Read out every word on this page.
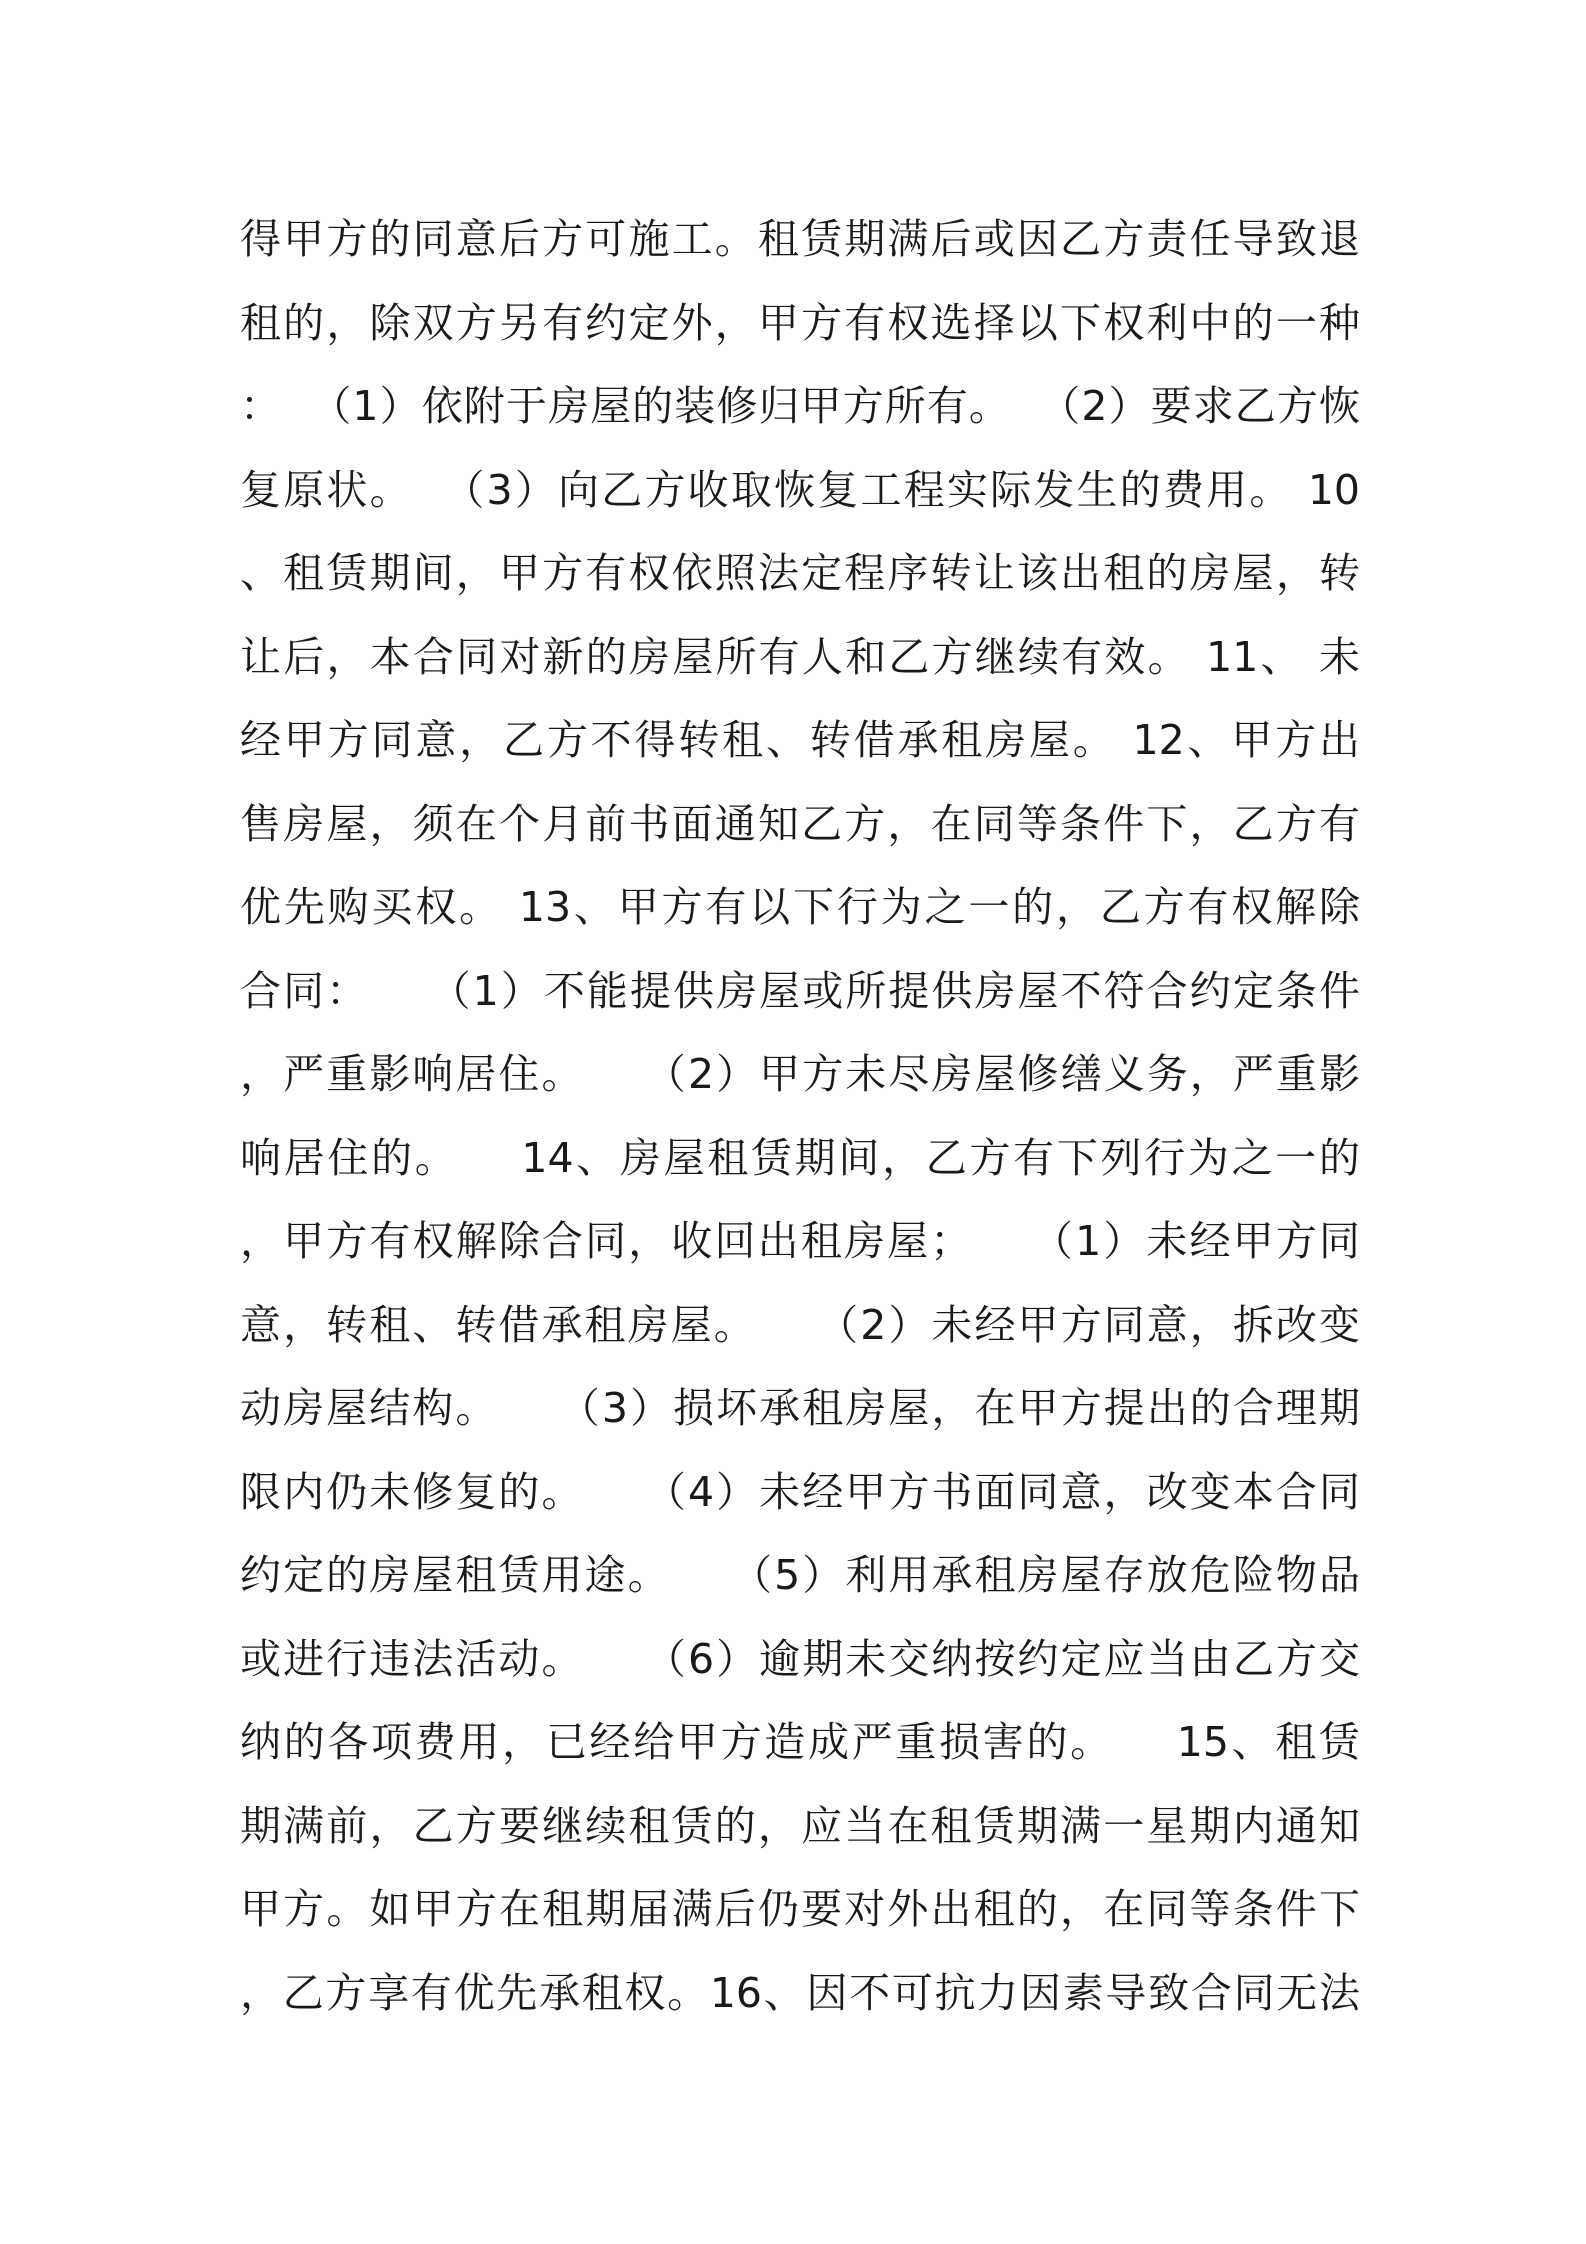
得甲方的同意后方可施工。租赁期满后或因乙方责任导致退
租的，除双方另有约定外，甲方有权选择以下权利中的一种
：  （1）依附于房屋的装修归甲方所有。  （2）要求乙方恢
复原状。  （3）向乙方收取恢复工程实际发生的费用。 10
、租赁期间，甲方有权依照法定程序转让该出租的房屋，转
让后，本合同对新的房屋所有人和乙方继续有效。 11、 未
经甲方同意，乙方不得转租、转借承租房屋。 12、甲方出
售房屋，须在个月前书面通知乙方，在同等条件下，乙方有
优先购买权。 13、甲方有以下行为之一的，乙方有权解除
合同：    （1）不能提供房屋或所提供房屋不符合约定条件
，严重影响居住。    （2）甲方未尽房屋修缮义务，严重影
响居住的。    14、房屋租赁期间，乙方有下列行为之一的
，甲方有权解除合同，收回出租房屋；    （1）未经甲方同
意，转租、转借承租房屋。    （2）未经甲方同意，拆改变
动房屋结构。    （3）损坏承租房屋，在甲方提出的合理期
限内仍未修复的。    （4）未经甲方书面同意，改变本合同
约定的房屋租赁用途。    （5）利用承租房屋存放危险物品
或进行违法活动。    （6）逾期未交纳按约定应当由乙方交
纳的各项费用，已经给甲方造成严重损害的。    15、租赁
期满前，乙方要继续租赁的，应当在租赁期满一星期内通知
甲方。如甲方在租期届满后仍要对外出租的，在同等条件下
，乙方享有优先承租权。16、因不可抗力因素导致合同无法
